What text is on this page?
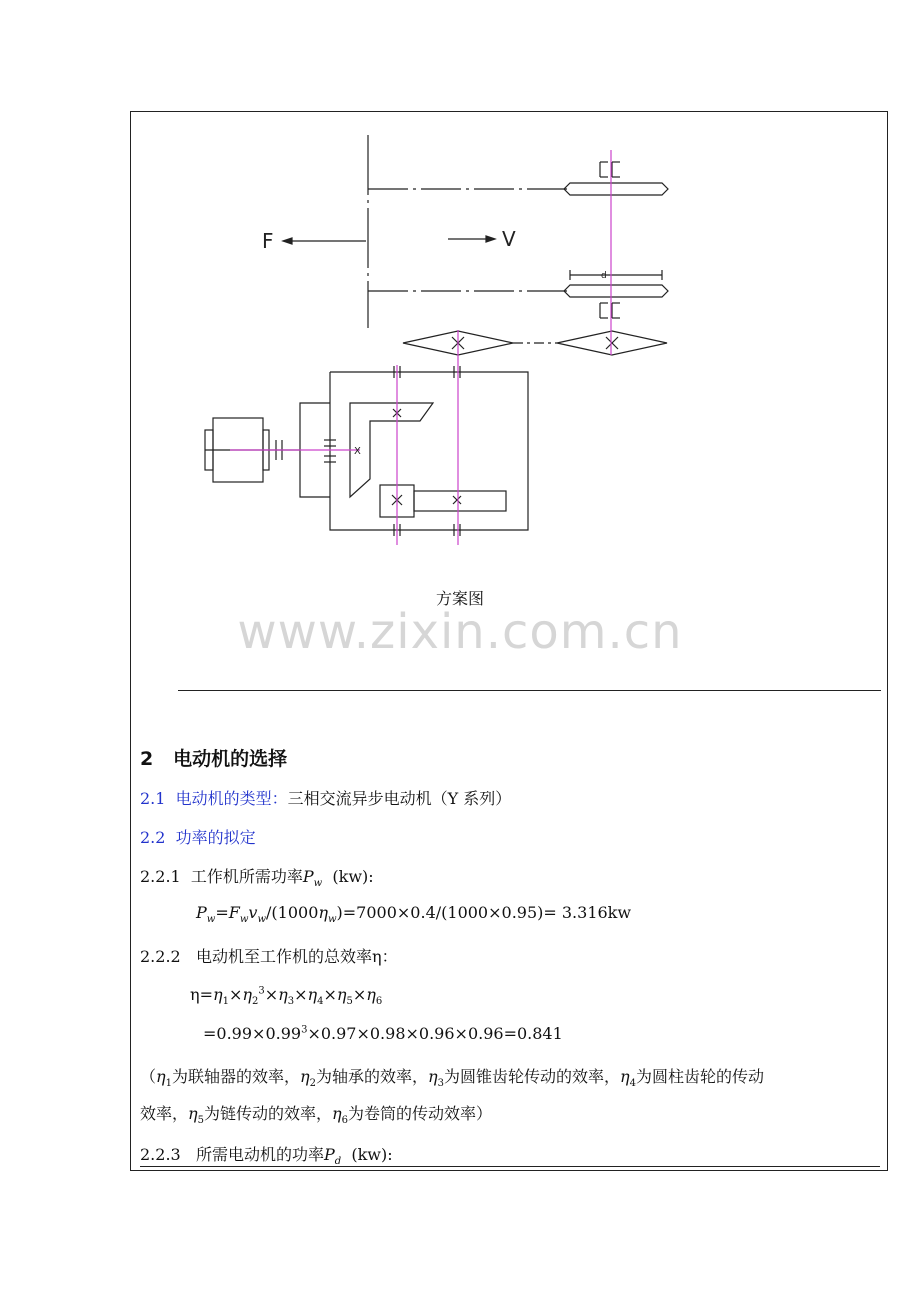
F	V
d
X
方案图
www.zixin.com.cn
2 电动机的选择
2.1 电动机的类型：三相交流异步电动机（Y 系列）
2.2 功率的拟定
2.2.1 工作机所需功率$P_w$ (kw):
$P_w=F_wv_w/(1000\eta_w)=7000\times 0.4/(1000\times 0.95)= 3.316kw$
2.2.2 电动机至工作机的总效率η：
$\eta=\eta_1\times\eta_2^3\times\eta_3\times\eta_4\times\eta_5\times\eta_6$
$=0.99\times 0.99^3\times 0.97\times 0.98\times 0.96\times 0.96=0.841$
（$\eta_1$为联轴器的效率，$\eta_2$为轴承的效率，$\eta_3$为圆锥齿轮传动的效率，$\eta_4$为圆柱齿轮的传动
效率，$\eta_5$为链传动的效率，$\eta_6$为卷筒的传动效率）
2.2.3 所需电动机的功率$P_d$ (kw):
